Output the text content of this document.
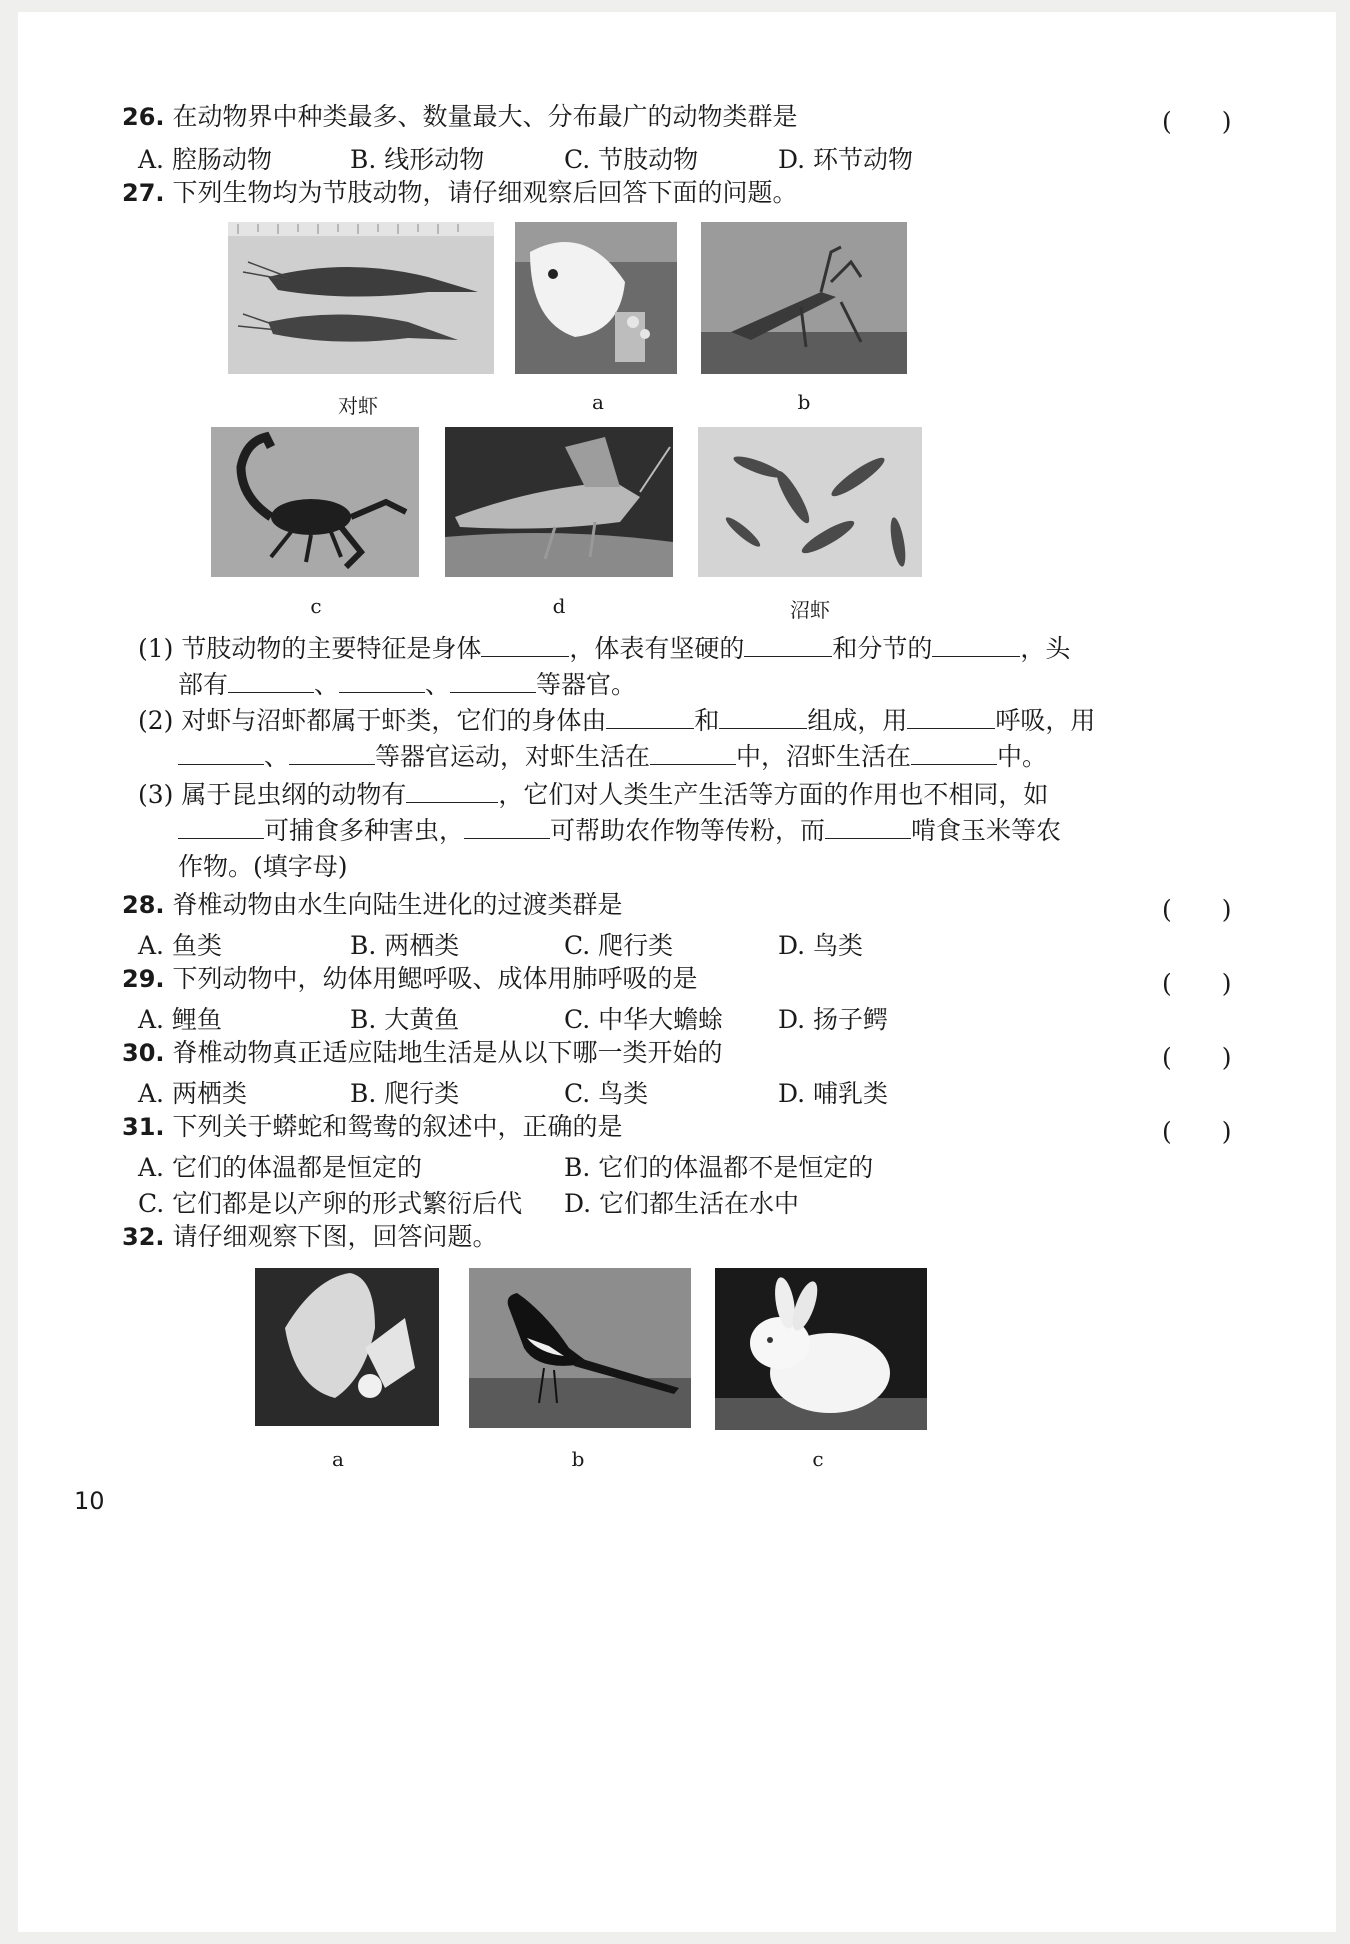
26. 在动物界中种类最多、数量最大、分布最广的动物类群是	(　　)
A. 腔肠动物	B. 线形动物	C. 节肢动物	D. 环节动物
27. 下列生物均为节肢动物，请仔细观察后回答下面的问题。
对虾	a	b
c	d	沼虾
(1) 节肢动物的主要特征是身体	，体表有坚硬的	和分节的	，头
部有	、	、	等器官。
(2) 对虾与沼虾都属于虾类，它们的身体由	和	组成，用	呼吸，用
、	等器官运动，对虾生活在	中，沼虾生活在	中。
(3) 属于昆虫纲的动物有	，它们对人类生产生活等方面的作用也不相同，如
可捕食多种害虫，	可帮助农作物等传粉，而	啃食玉米等农
作物。(填字母)
28. 脊椎动物由水生向陆生进化的过渡类群是	(　　)
A. 鱼类	B. 两栖类	C. 爬行类	D. 鸟类
29. 下列动物中，幼体用鳃呼吸、成体用肺呼吸的是	(　　)
A. 鲤鱼	B. 大黄鱼	C. 中华大蟾蜍 D. 扬子鳄
30. 脊椎动物真正适应陆地生活是从以下哪一类开始的	(　　)
A. 两栖类	B. 爬行类	C. 鸟类	D. 哺乳类
31. 下列关于蟒蛇和鸳鸯的叙述中，正确的是	(　　)
A. 它们的体温都是恒定的	B. 它们的体温都不是恒定的
C. 它们都是以产卵的形式繁衍后代 D. 它们都生活在水中
32. 请仔细观察下图，回答问题。
a	b	c
10
